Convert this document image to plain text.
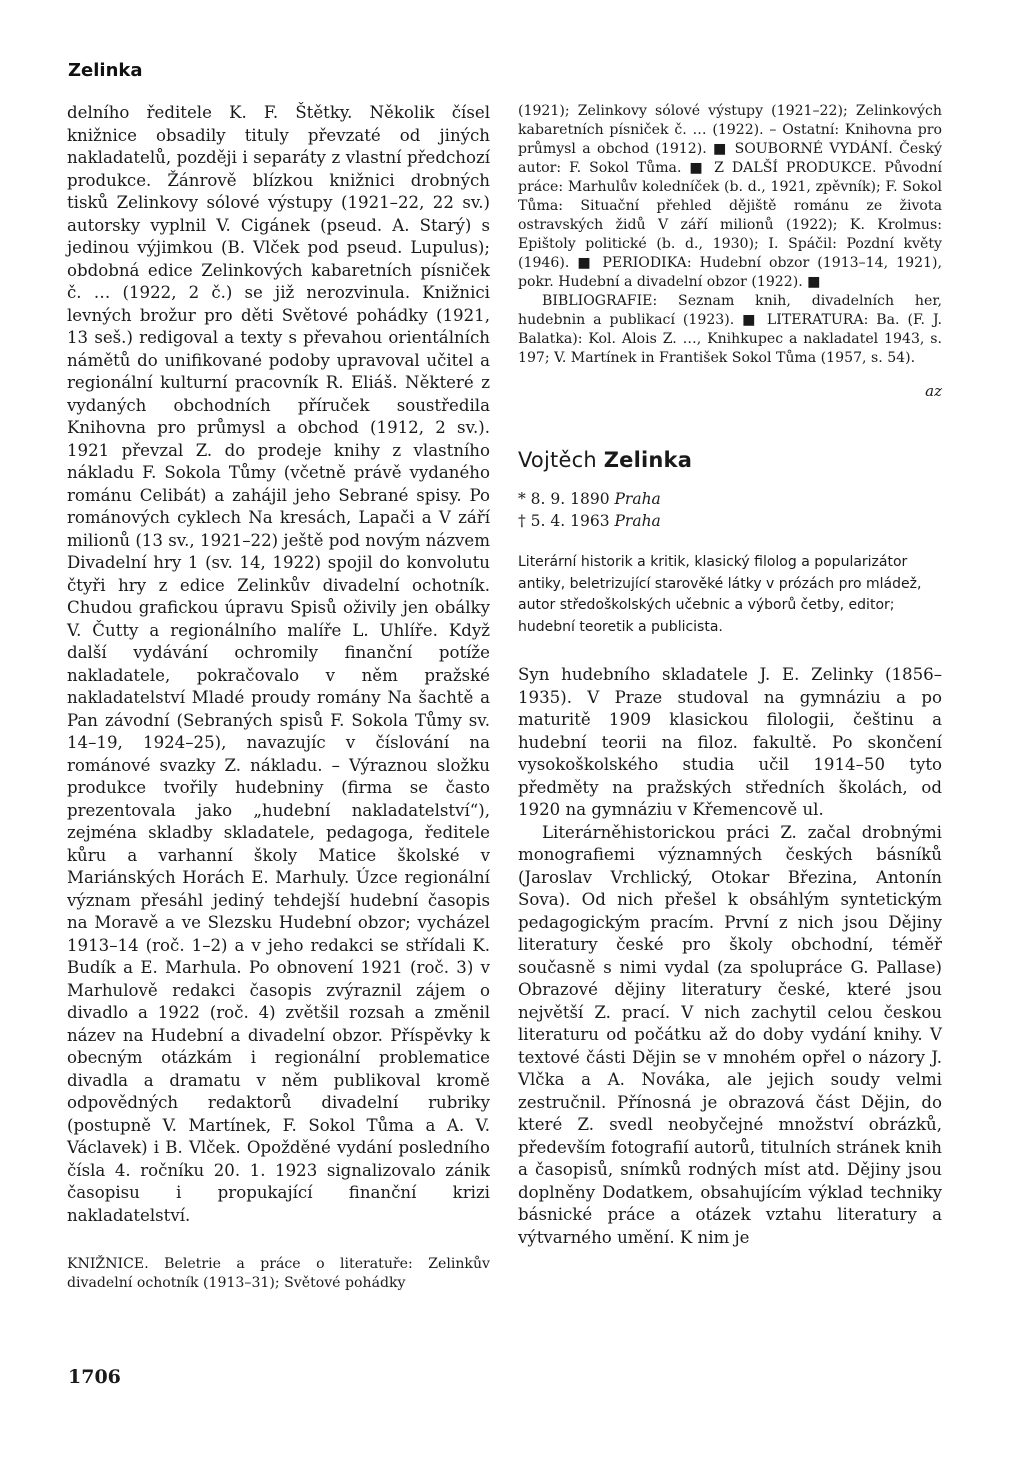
Zelinka

delního ředitele K. F. Štětky. Několik čísel knižnice obsadily tituly převzaté od jiných nakladatelů, později i separáty z vlastní předchozí produkce. Žánrově blízkou knižnici drobných tisků Zelinkovy sólové výstupy (1921–22, 22 sv.) autorsky vyplnil V. Cigánek (pseud. A. Starý) s jedinou výjimkou (B. Vlček pod pseud. Lupulus); obdobná edice Zelinkových kabaretních písniček č. … (1922, 2 č.) se již nerozvinula. Knižnici levných brožur pro děti Světové pohádky (1921, 13 seš.) redigoval a texty s převahou orientálních námětů do unifikované podoby upravoval učitel a regionální kulturní pracovník R. Eliáš. Některé z vydaných obchodních příruček soustředila Knihovna pro průmysl a obchod (1912, 2 sv.). 1921 převzal Z. do prodeje knihy z vlastního nákladu F. Sokola Tůmy (včetně právě vydaného románu Celibát) a zahájil jeho Sebrané spisy. Po románových cyklech Na kresách, Lapači a V září milionů (13 sv., 1921–22) ještě pod novým názvem Divadelní hry 1 (sv. 14, 1922) spojil do konvolutu čtyři hry z edice Zelinkův divadelní ochotník. Chudou grafickou úpravu Spisů oživily jen obálky V. Čutty a regionálního malíře L. Uhlíře. Když další vydávání ochromily finanční potíže nakladatele, pokračovalo v něm pražské nakladatelství Mladé proudy romány Na šachtě a Pan závodní (Sebraných spisů F. Sokola Tůmy sv. 14–19, 1924–25), navazujíc v číslování na románové svazky Z. nákladu. – Výraznou složku produkce tvořily hudebniny (firma se často prezentovala jako „hudební nakladatelství“), zejména skladby skladatele, pedagoga, ředitele kůru a varhanní školy Matice školské v Mariánských Horách E. Marhuly. Úzce regionální význam přesáhl jediný tehdejší hudební časopis na Moravě a ve Slezsku Hudební obzor; vycházel 1913–14 (roč. 1–2) a v jeho redakci se střídali K. Budík a E. Marhula. Po obnovení 1921 (roč. 3) v Marhulově redakci časopis zvýraznil zájem o divadlo a 1922 (roč. 4) zvětšil rozsah a změnil název na Hudební a divadelní obzor. Příspěvky k obecným otázkám i regionální problematice divadla a dramatu v něm publikoval kromě odpovědných redaktorů divadelní rubriky (postupně V. Martínek, F. Sokol Tůma a A. V. Václavek) i B. Vlček. Opožděné vydání posledního čísla 4. ročníku 20. 1. 1923 signalizovalo zánik časopisu i propukající finanční krizi nakladatelství.

KNIŽNICE. Beletrie a práce o literatuře: Zelinkův divadelní ochotník (1913–31); Světové pohádky

(1921); Zelinkovy sólové výstupy (1921–22); Zelinkových kabaretních písniček č. … (1922). – Ostatní: Knihovna pro průmysl a obchod (1912). ■ SOUBORNÉ VYDÁNÍ. Český autor: F. Sokol Tůma. ■ Z DALŠÍ PRODUKCE. Původní práce: Marhulův koledníček (b. d., 1921, zpěvník); F. Sokol Tůma: Situační přehled dějiště románu ze života ostravských židů V září milionů (1922); K. Krolmus: Epištoly politické (b. d., 1930); I. Spáčil: Pozdní květy (1946). ■ PERIODIKA: Hudební obzor (1913–14, 1921), pokr. Hudební a divadelní obzor (1922). ■

BIBLIOGRAFIE: Seznam knih, divadelních her, hudebnin a publikací (1923). ■ LITERATURA: Ba. (F. J. Balatka): Kol. Alois Z. …, Knihkupec a nakladatel 1943, s. 197; V. Martínek in František Sokol Tůma (1957, s. 54).

az
Vojtěch Zelinka
* 8. 9. 1890 Praha
† 5. 4. 1963 Praha

Literární historik a kritik, klasický filolog a popularizátor antiky, beletrizující starověké látky v prózách pro mládež, autor středoškolských učebnic a výborů četby, editor; hudební teoretik a publicista.

Syn hudebního skladatele J. E. Zelinky (1856–1935). V Praze studoval na gymnáziu a po maturitě 1909 klasickou filologii, češtinu a hudební teorii na filoz. fakultě. Po skončení vysokoškolského studia učil 1914–50 tyto předměty na pražských středních školách, od 1920 na gymnáziu v Křemencově ul.

Literárněhistorickou práci Z. začal drobnými monografiemi významných českých básníků (Jaroslav Vrchlický, Otokar Březina, Antonín Sova). Od nich přešel k obsáhlým syntetickým pedagogickým pracím. První z nich jsou Dějiny literatury české pro školy obchodní, téměř současně s nimi vydal (za spolupráce G. Pallase) Obrazové dějiny literatury české, které jsou největší Z. prací. V nich zachytil celou českou literaturu od počátku až do doby vydání knihy. V textové části Dějin se v mnohém opřel o názory J. Vlčka a A. Nováka, ale jejich soudy velmi zestručnil. Přínosná je obrazová část Dějin, do které Z. svedl neobyčejné množství obrázků, především fotografií autorů, titulních stránek knih a časopisů, snímků rodných míst atd. Dějiny jsou doplněny Dodatkem, obsahujícím výklad techniky básnické práce a otázek vztahu literatury a výtvarného umění. K nim je

1706
